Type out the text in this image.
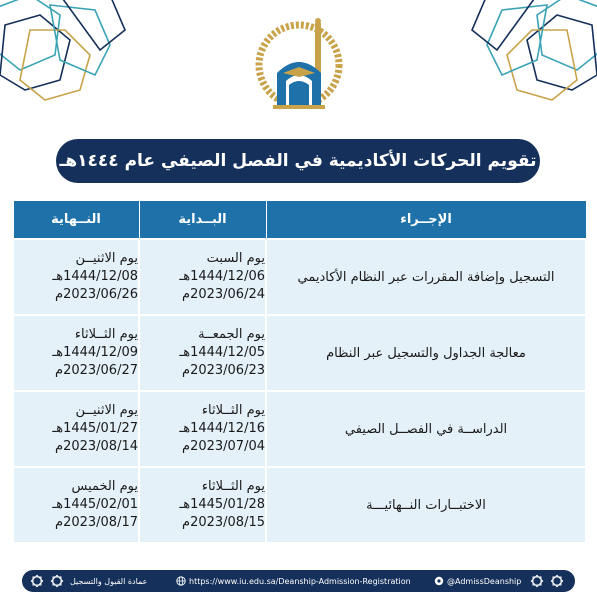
تقويم الحركات الأكاديمية في الفصل الصيفي عام ١٤٤٤هـ
الإجــراء	البــداية	النــهاية
التسجيل وإضافة المقررات عبر النظام الأكاديمي	يوم السبت
1444/12/06هـ
2023/06/24م	يوم الاثنيــن
1444/12/08هـ
2023/06/26م

معالجة الجداول والتسجيل عبر النظام	يوم الجمعــة
1444/12/05هـ
2023/06/23م	يوم الثــلاثاء
1444/12/09هـ
2023/06/27م

الدراســة في الفصــل الصيفي	يوم الثــلاثاء
1444/12/16هـ
2023/07/04م	يوم الاثنيــن
1445/01/27هـ
2023/08/14م

الاختبــارات النــهائيـــة	يوم الثــلاثاء
1445/01/28هـ
2023/08/15م	يوم الخميس
1445/02/01هـ
2023/08/17م
عمادة القبول والتسجيل	https://www.iu.edu.sa/Deanship-Admission-Registration	@AdmissDeanship
